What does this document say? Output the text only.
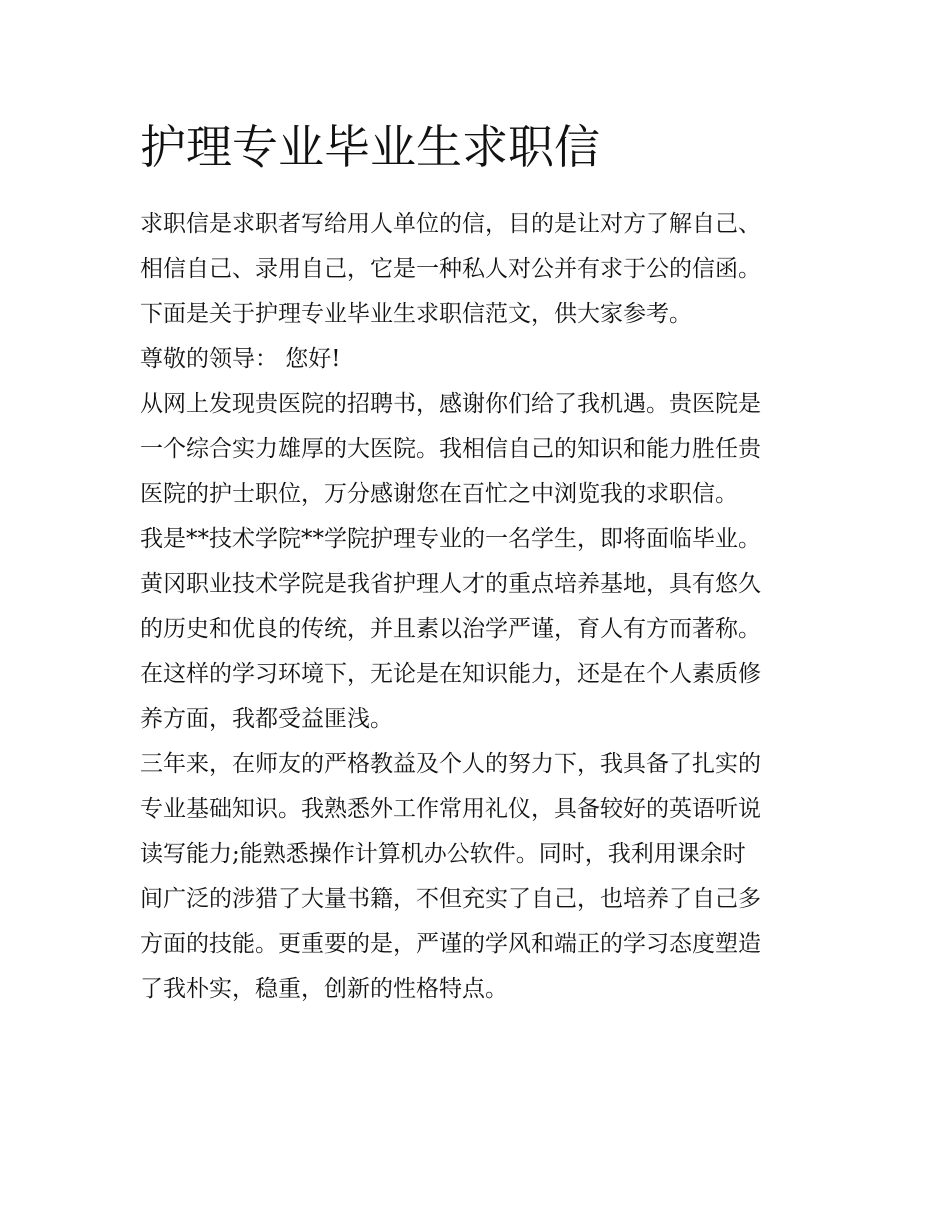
护理专业毕业生求职信
求职信是求职者写给用人单位的信，目的是让对方了解自己、
相信自己、录用自己，它是一种私人对公并有求于公的信函。
下面是关于护理专业毕业生求职信范文，供大家参考。
尊敬的领导： 您好!
从网上发现贵医院的招聘书，感谢你们给了我机遇。贵医院是
一个综合实力雄厚的大医院。我相信自己的知识和能力胜任贵
医院的护士职位，万分感谢您在百忙之中浏览我的求职信。
我是**技术学院**学院护理专业的一名学生，即将面临毕业。
黄冈职业技术学院是我省护理人才的重点培养基地，具有悠久
的历史和优良的传统，并且素以治学严谨，育人有方而著称。
在这样的学习环境下，无论是在知识能力，还是在个人素质修
养方面，我都受益匪浅。
三年来，在师友的严格教益及个人的努力下，我具备了扎实的
专业基础知识。我熟悉外工作常用礼仪，具备较好的英语听说
读写能力;能熟悉操作计算机办公软件。同时，我利用课余时
间广泛的涉猎了大量书籍，不但充实了自己，也培养了自己多
方面的技能。更重要的是，严谨的学风和端正的学习态度塑造
了我朴实，稳重，创新的性格特点。
